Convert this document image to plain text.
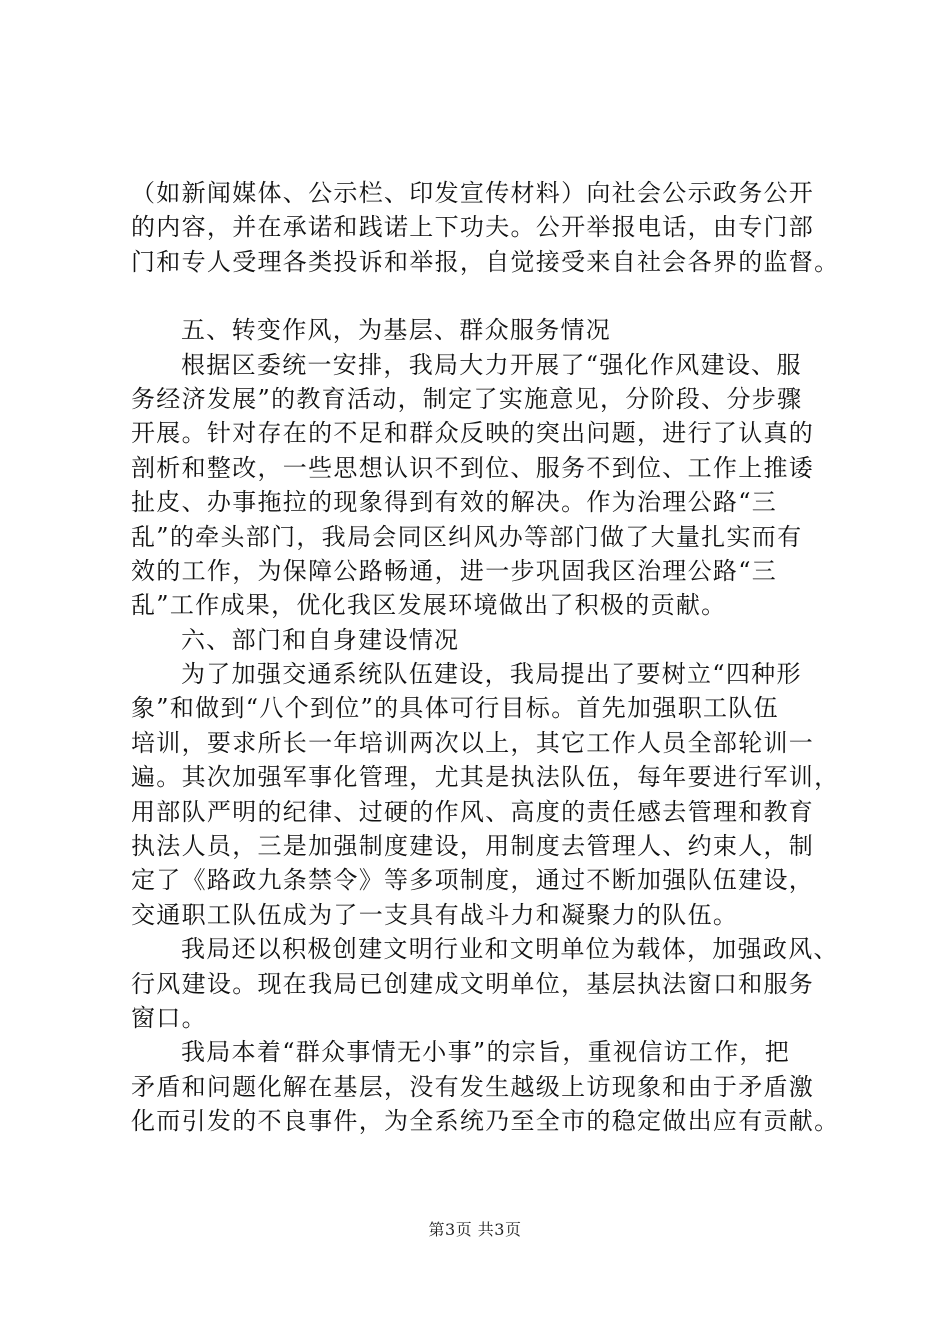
（如新闻媒体、公示栏、印发宣传材料）向社会公示政务公开
的内容，并在承诺和践诺上下功夫。公开举报电话，由专门部
门和专人受理各类投诉和举报，自觉接受来自社会各界的监督。
五、转变作风，为基层、群众服务情况
根据区委统一安排，我局大力开展了“强化作风建设、服
务经济发展”的教育活动，制定了实施意见，分阶段、分步骤
开展。针对存在的不足和群众反映的突出问题，进行了认真的
剖析和整改，一些思想认识不到位、服务不到位、工作上推诿
扯皮、办事拖拉的现象得到有效的解决。作为治理公路“三
乱”的牵头部门，我局会同区纠风办等部门做了大量扎实而有
效的工作，为保障公路畅通，进一步巩固我区治理公路“三
乱”工作成果，优化我区发展环境做出了积极的贡献。
六、部门和自身建设情况
为了加强交通系统队伍建设，我局提出了要树立“四种形
象”和做到“八个到位”的具体可行目标。首先加强职工队伍
培训，要求所长一年培训两次以上，其它工作人员全部轮训一
遍。其次加强军事化管理，尤其是执法队伍，每年要进行军训，
用部队严明的纪律、过硬的作风、高度的责任感去管理和教育
执法人员，三是加强制度建设，用制度去管理人、约束人，制
定了《路政九条禁令》等多项制度，通过不断加强队伍建设，
交通职工队伍成为了一支具有战斗力和凝聚力的队伍。
我局还以积极创建文明行业和文明单位为载体，加强政风、
行风建设。现在我局已创建成文明单位，基层执法窗口和服务
窗口。
我局本着“群众事情无小事”的宗旨，重视信访工作，把
矛盾和问题化解在基层，没有发生越级上访现象和由于矛盾激
化而引发的不良事件，为全系统乃至全市的稳定做出应有贡献。
第3页 共3页
